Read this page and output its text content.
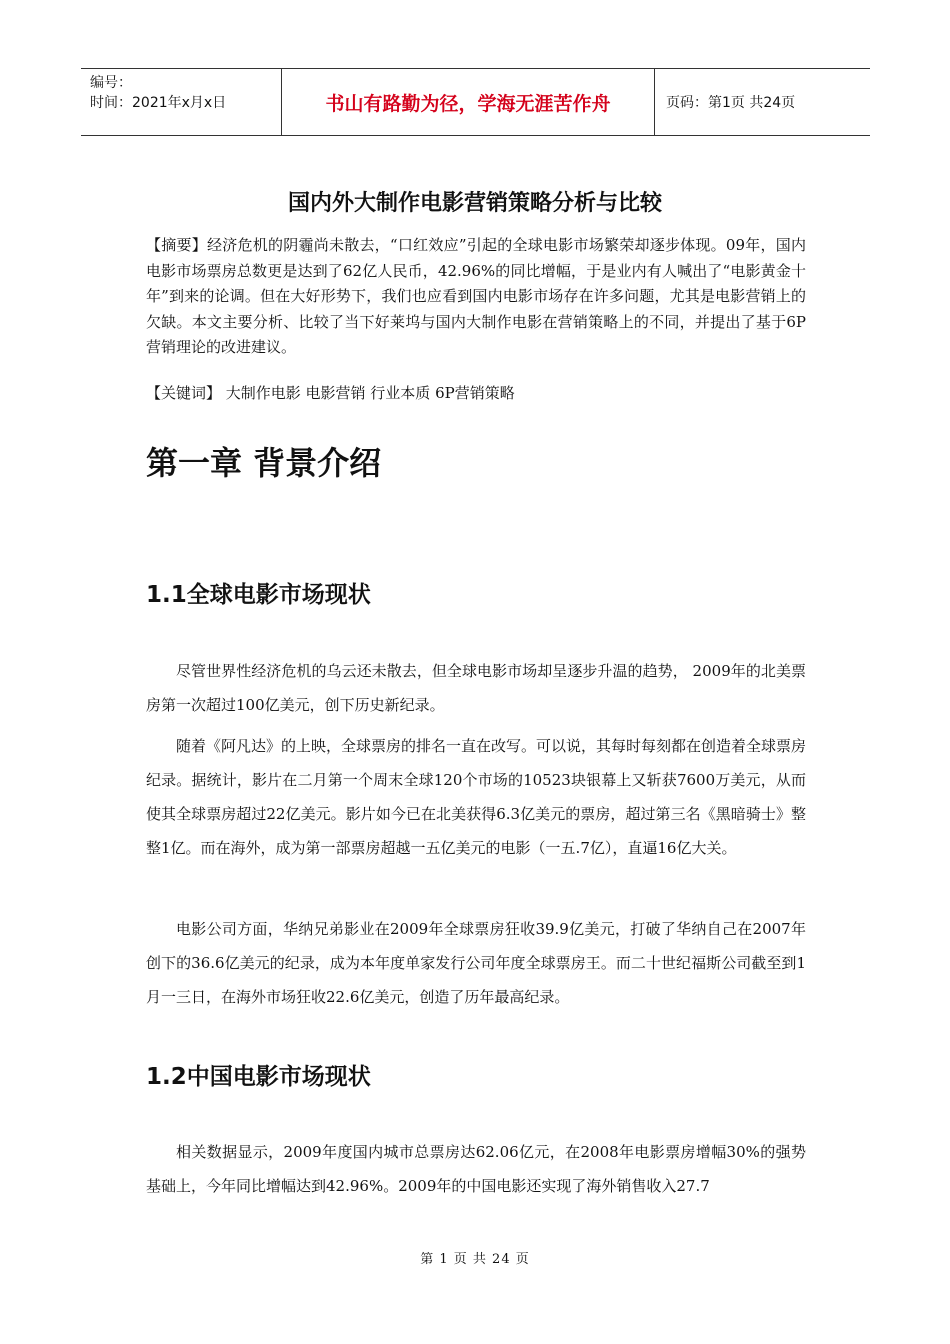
编号：
时间：2021年x月x日	书山有路勤为径，学海无涯苦作舟	页码：第1页 共24页
国内外大制作电影营销策略分析与比较
【摘要】经济危机的阴霾尚未散去，“口红效应”引起的全球电影市场繁荣却逐步体现。09年，国内电影市场票房总数更是达到了62亿人民币，42.96%的同比增幅，于是业内有人喊出了“电影黄金十年”到来的论调。但在大好形势下，我们也应看到国内电影市场存在许多问题，尤其是电影营销上的欠缺。本文主要分析、比较了当下好莱坞与国内大制作电影在营销策略上的不同，并提出了基于6P营销理论的改进建议。
【关键词】 大制作电影 电影营销 行业本质 6P营销策略
第一章 背景介绍
1.1全球电影市场现状
尽管世界性经济危机的乌云还未散去，但全球电影市场却呈逐步升温的趋势， 2009年的北美票房第一次超过100亿美元，创下历史新纪录。
随着《阿凡达》的上映，全球票房的排名一直在改写。可以说，其每时每刻都在创造着全球票房纪录。据统计，影片在二月第一个周末全球120个市场的10523块银幕上又斩获7600万美元，从而使其全球票房超过22亿美元。影片如今已在北美获得6.3亿美元的票房，超过第三名《黑暗骑士》整整1亿。而在海外，成为第一部票房超越一五亿美元的电影（一五.7亿），直逼16亿大关。
电影公司方面，华纳兄弟影业在2009年全球票房狂收39.9亿美元，打破了华纳自己在2007年创下的36.6亿美元的纪录，成为本年度单家发行公司年度全球票房王。而二十世纪福斯公司截至到1月一三日，在海外市场狂收22.6亿美元，创造了历年最高纪录。
1.2中国电影市场现状
相关数据显示，2009年度国内城市总票房达62.06亿元，在2008年电影票房增幅30%的强势基础上，今年同比增幅达到42.96%。2009年的中国电影还实现了海外销售收入27.7
第 1 页 共 24 页
